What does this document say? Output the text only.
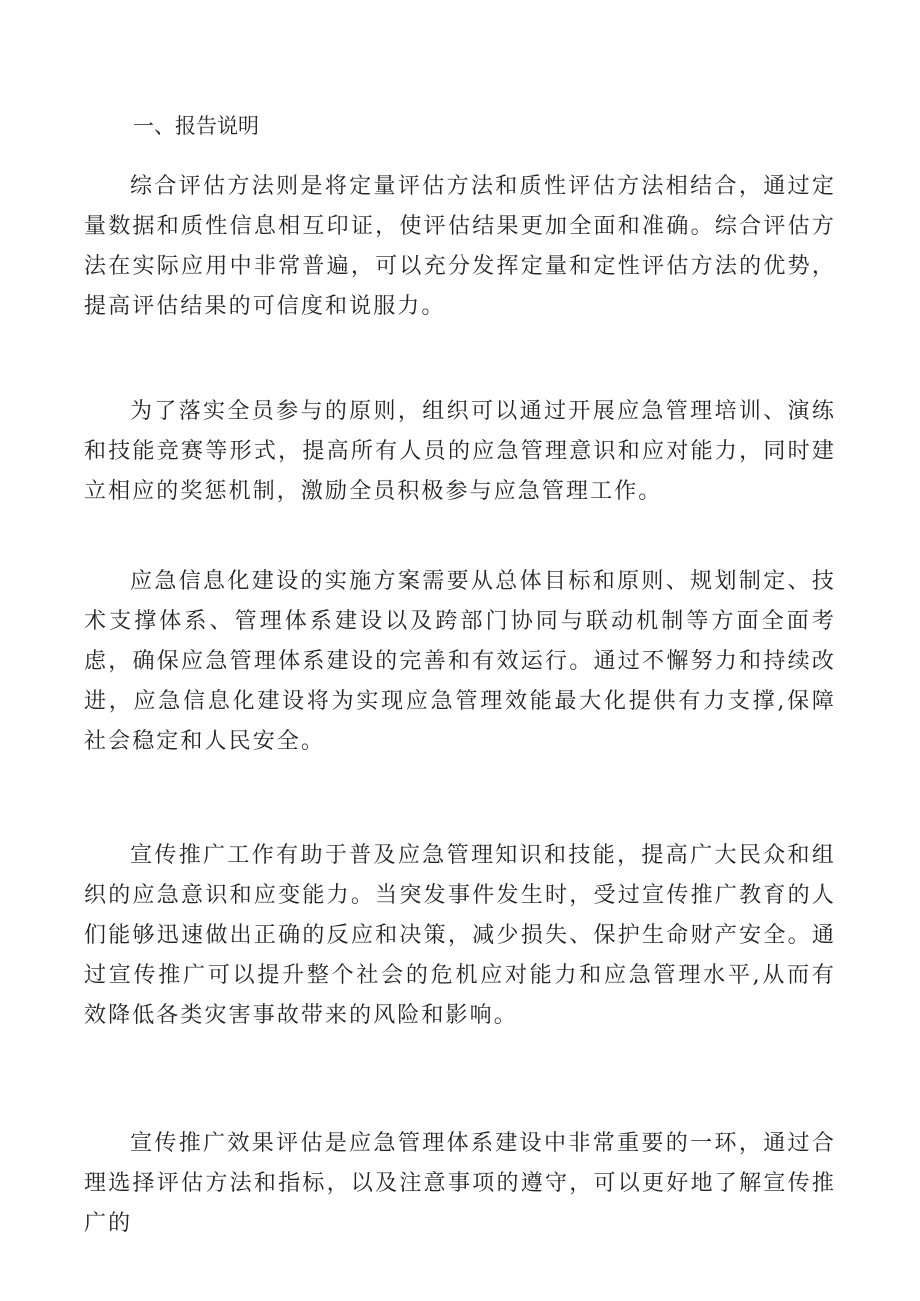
一、报告说明

综合评估方法则是将定量评估方法和质性评估方法相结合，通过定量数据和质性信息相互印证，使评估结果更加全面和准确。综合评估方法在实际应用中非常普遍，可以充分发挥定量和定性评估方法的优势，提高评估结果的可信度和说服力。

为了落实全员参与的原则，组织可以通过开展应急管理培训、演练和技能竞赛等形式，提高所有人员的应急管理意识和应对能力，同时建立相应的奖惩机制，激励全员积极参与应急管理工作。

应急信息化建设的实施方案需要从总体目标和原则、规划制定、技术支撑体系、管理体系建设以及跨部门协同与联动机制等方面全面考虑，确保应急管理体系建设的完善和有效运行。通过不懈努力和持续改进，应急信息化建设将为实现应急管理效能最大化提供有力支撑,保障社会稳定和人民安全。

宣传推广工作有助于普及应急管理知识和技能，提高广大民众和组织的应急意识和应变能力。当突发事件发生时，受过宣传推广教育的人们能够迅速做出正确的反应和决策，减少损失、保护生命财产安全。通过宣传推广可以提升整个社会的危机应对能力和应急管理水平,从而有效降低各类灾害事故带来的风险和影响。

宣传推广效果评估是应急管理体系建设中非常重要的一环，通过合理选择评估方法和指标，以及注意事项的遵守，可以更好地了解宣传推广的
